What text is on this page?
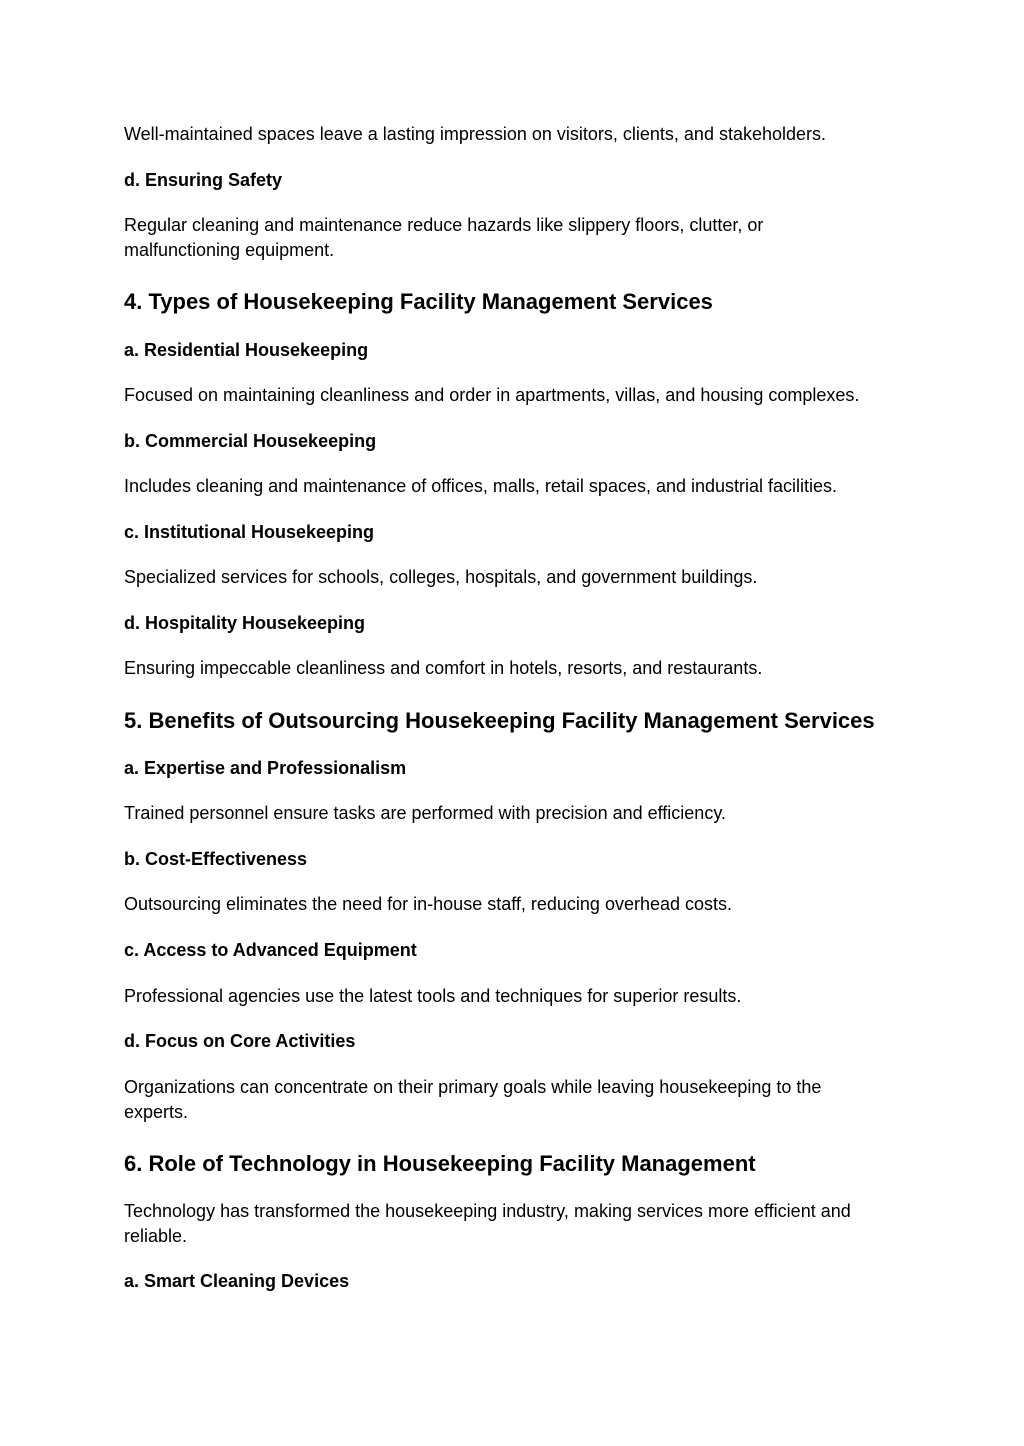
Well-maintained spaces leave a lasting impression on visitors, clients, and stakeholders.

d. Ensuring Safety

Regular cleaning and maintenance reduce hazards like slippery floors, clutter, or malfunctioning equipment.

4. Types of Housekeeping Facility Management Services
a. Residential Housekeeping

Focused on maintaining cleanliness and order in apartments, villas, and housing complexes.

b. Commercial Housekeeping

Includes cleaning and maintenance of offices, malls, retail spaces, and industrial facilities.

c. Institutional Housekeeping

Specialized services for schools, colleges, hospitals, and government buildings.

d. Hospitality Housekeeping

Ensuring impeccable cleanliness and comfort in hotels, resorts, and restaurants.

5. Benefits of Outsourcing Housekeeping Facility Management Services
a. Expertise and Professionalism

Trained personnel ensure tasks are performed with precision and efficiency.

b. Cost-Effectiveness

Outsourcing eliminates the need for in-house staff, reducing overhead costs.

c. Access to Advanced Equipment

Professional agencies use the latest tools and techniques for superior results.

d. Focus on Core Activities

Organizations can concentrate on their primary goals while leaving housekeeping to the experts.

6. Role of Technology in Housekeeping Facility Management

Technology has transformed the housekeeping industry, making services more efficient and reliable.

a. Smart Cleaning Devices
